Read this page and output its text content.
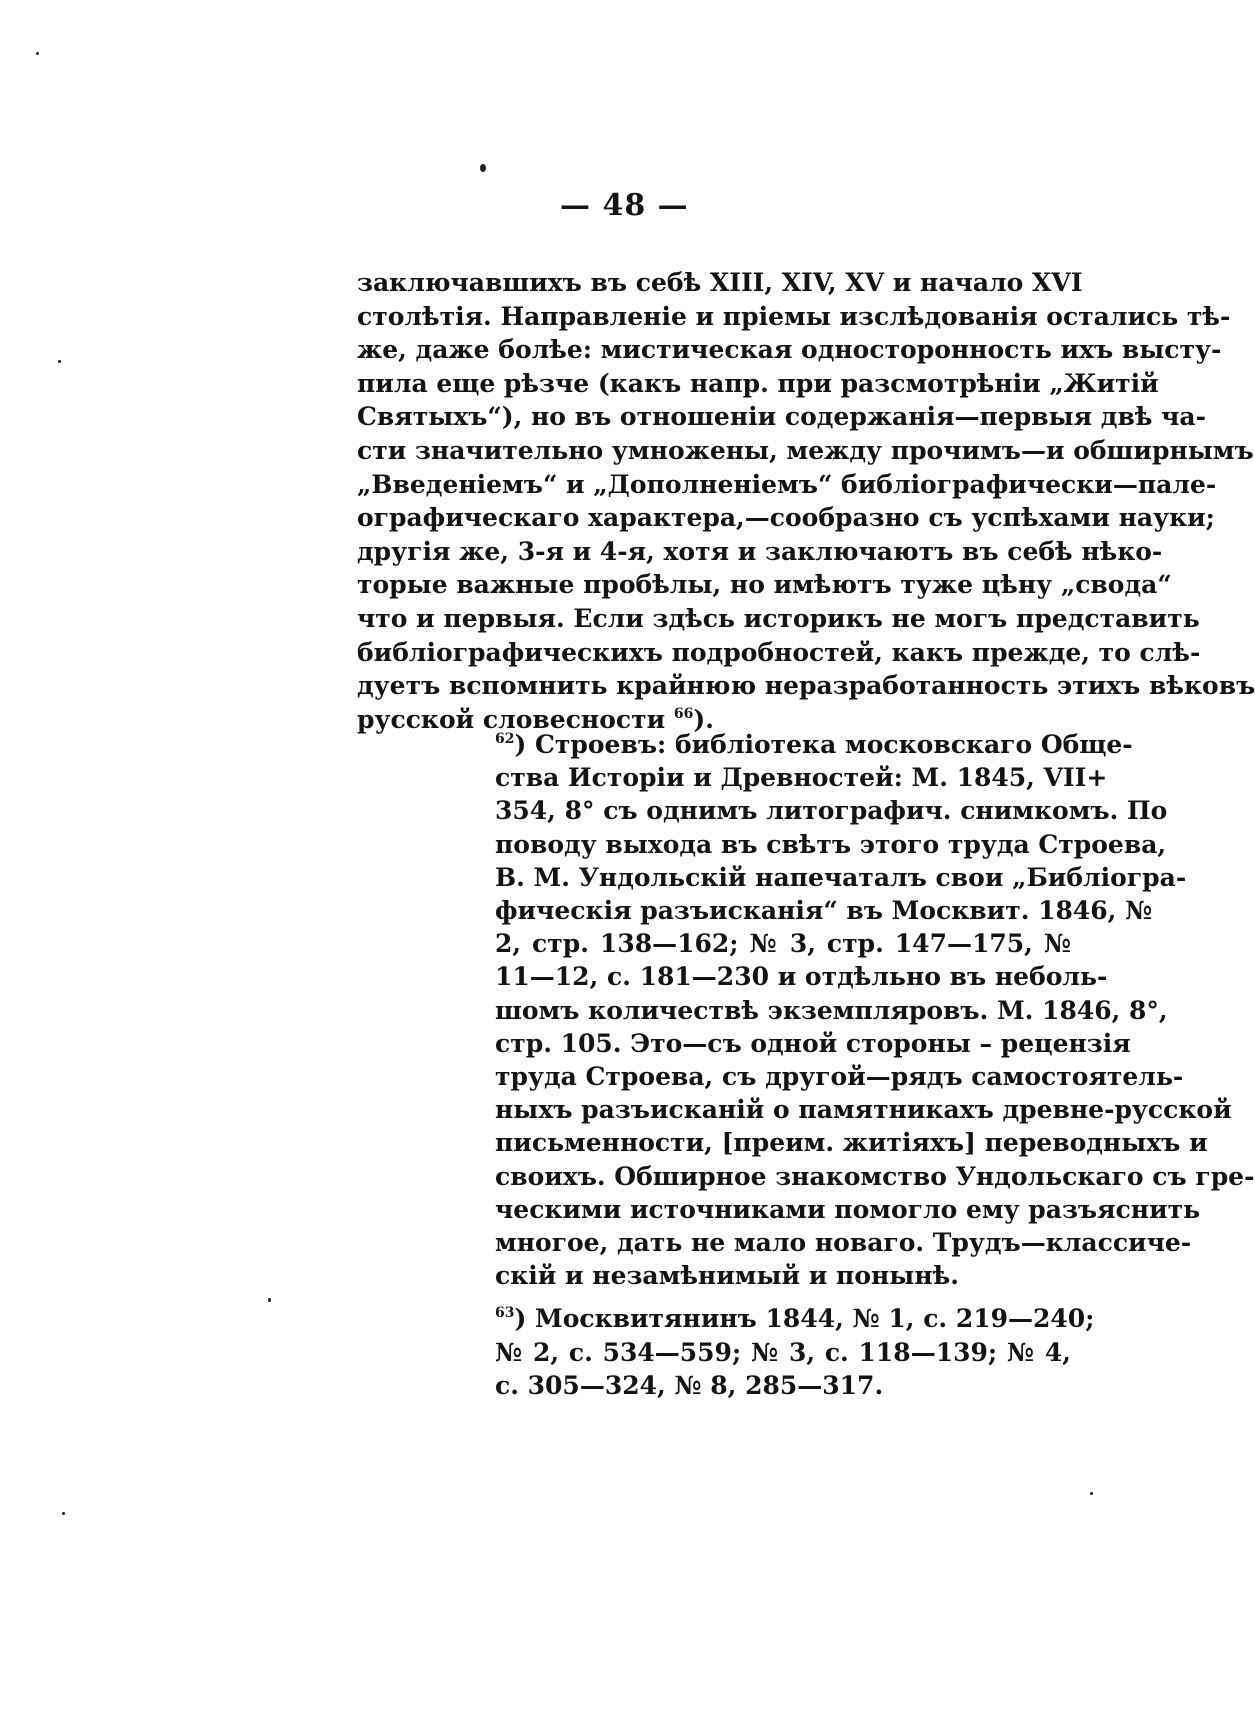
— 48 —
заключавшихъ въ себѣ XIII, XIV, XV и начало XVI
столѣтія. Направленіе и пріемы изслѣдованія остались тѣ-
же, даже болѣе: мистическая односторонность ихъ высту-
пила еще рѣзче (какъ напр. при разсмотрѣніи „Житій
Святыхъ“), но въ отношеніи содержанія—первыя двѣ ча-
сти значительно умножены, между прочимъ—и обширнымъ
„Введеніемъ“ и „Дополненіемъ“ библіографически—пале-
ографическаго характера,—сообразно съ успѣхами науки;
другія же, 3-я и 4-я, хотя и заключаютъ въ себѣ нѣко-
торые важные пробѣлы, но имѣютъ туже цѣну „свода“
что и первыя. Если здѣсь историкъ не могъ представить
библіографическихъ подробностей, какъ прежде, то слѣ-
дуетъ вспомнить крайнюю неразработанность этихъ вѣковъ
русской словесности $^{66}$).
$^{62}$) Строевъ: библіотека московскаго Обще-
ства Исторіи и Древностей: М. 1845, VII+
354, 8° съ однимъ литографич. снимкомъ. По
поводу выхода въ свѣтъ этого труда Строева,
В. М. Ундольскій напечаталъ свои „Библіогра-
фическія разъисканія“ въ Москвит. 1846, №
2, стр. 138—162; № 3, стр. 147—175, №
11—12, с. 181—230 и отдѣльно въ неболь-
шомъ количествѣ экземпляровъ. М. 1846, 8°,
стр. 105. Это—съ одной стороны – рецензія
труда Строева, съ другой—рядъ самостоятель-
ныхъ разъисканій о памятникахъ древне-русской
письменности, [преим. житіяхъ] переводныхъ и
своихъ. Обширное знакомство Ундольскаго съ гре-
ческими источниками помогло ему разъяснить
многое, дать не мало новаго. Трудъ—классиче-
скій и незамѣнимый и понынѣ.
$^{63}$) Москвитянинъ 1844, № 1, с. 219—240;
№ 2, с. 534—559; № 3, с. 118—139; № 4,
с. 305—324, № 8, 285—317.
